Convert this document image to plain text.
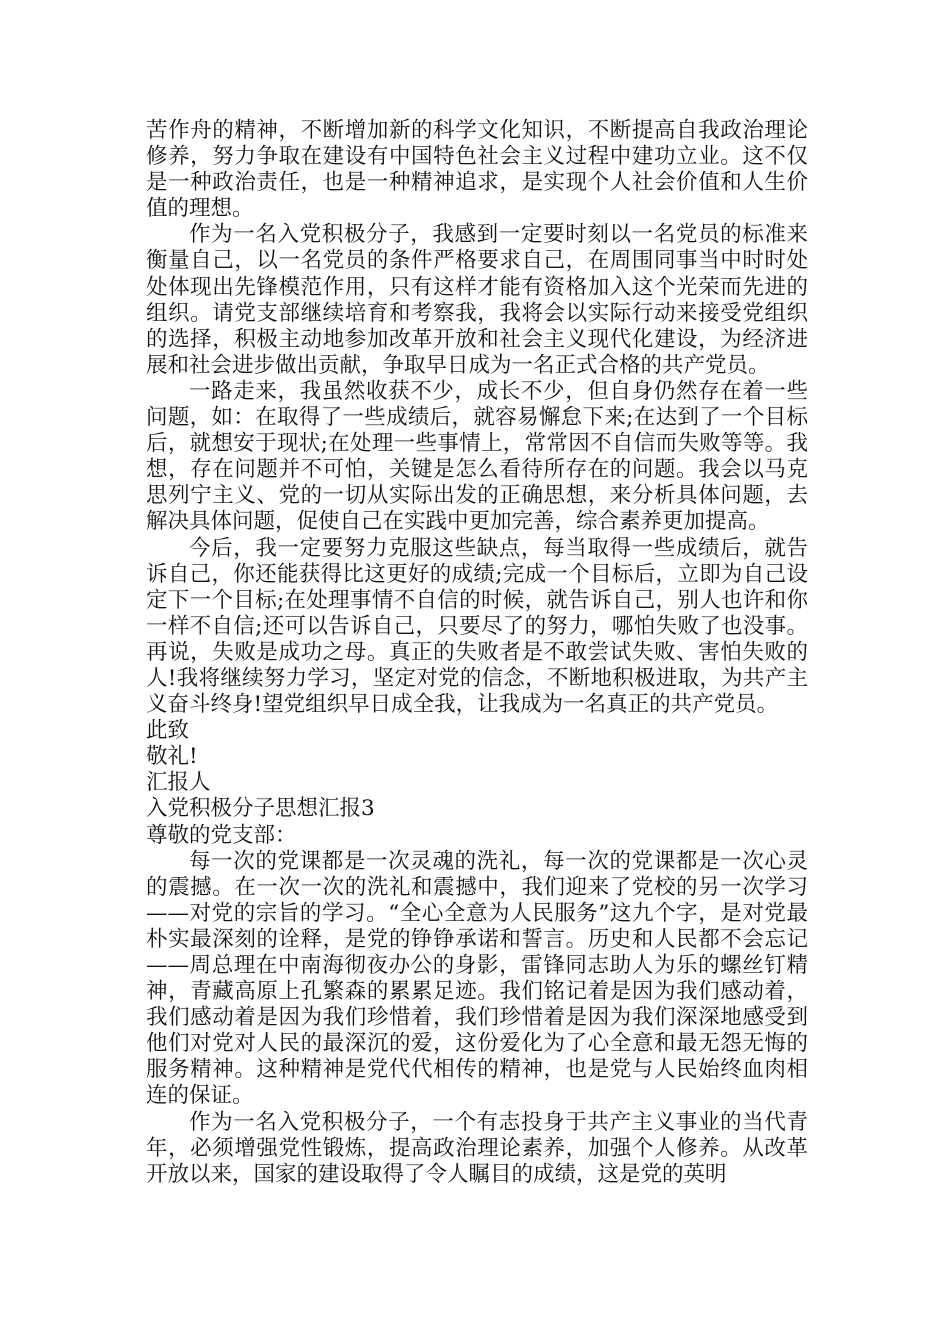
苦作舟的精神，不断增加新的科学文化知识，不断提高自我政治理论修养，努力争取在建设有中国特色社会主义过程中建功立业。这不仅是一种政治责任，也是一种精神追求，是实现个人社会价值和人生价值的理想。

作为一名入党积极分子，我感到一定要时刻以一名党员的标准来衡量自己，以一名党员的条件严格要求自己，在周围同事当中时时处处体现出先锋模范作用，只有这样才能有资格加入这个光荣而先进的组织。请党支部继续培育和考察我，我将会以实际行动来接受党组织的选择，积极主动地参加改革开放和社会主义现代化建设，为经济进展和社会进步做出贡献，争取早日成为一名正式合格的共产党员。

一路走来，我虽然收获不少，成长不少，但自身仍然存在着一些问题，如：在取得了一些成绩后，就容易懈怠下来;在达到了一个目标后，就想安于现状;在处理一些事情上，常常因不自信而失败等等。我想，存在问题并不可怕，关键是怎么看待所存在的问题。我会以马克思列宁主义、党的一切从实际出发的正确思想，来分析具体问题，去解决具体问题，促使自己在实践中更加完善，综合素养更加提高。

今后，我一定要努力克服这些缺点，每当取得一些成绩后，就告诉自己，你还能获得比这更好的成绩;完成一个目标后，立即为自己设定下一个目标;在处理事情不自信的时候，就告诉自己，别人也许和你一样不自信;还可以告诉自己，只要尽了的努力，哪怕失败了也没事。再说，失败是成功之母。真正的失败者是不敢尝试失败、害怕失败的人!我将继续努力学习，坚定对党的信念，不断地积极进取，为共产主义奋斗终身!望党组织早日成全我，让我成为一名真正的共产党员。

此致

敬礼!

汇报人

入党积极分子思想汇报3

尊敬的党支部：

每一次的党课都是一次灵魂的洗礼，每一次的党课都是一次心灵的震撼。在一次一次的洗礼和震撼中，我们迎来了党校的另一次学习——对党的宗旨的学习。“全心全意为人民服务”这九个字，是对党最朴实最深刻的诠释，是党的铮铮承诺和誓言。历史和人民都不会忘记——周总理在中南海彻夜办公的身影，雷锋同志助人为乐的螺丝钉精神，青藏高原上孔繁森的累累足迹。我们铭记着是因为我们感动着，我们感动着是因为我们珍惜着，我们珍惜着是因为我们深深地感受到他们对党对人民的最深沉的爱，这份爱化为了心全意和最无怨无悔的服务精神。这种精神是党代代相传的精神，也是党与人民始终血肉相连的保证。

作为一名入党积极分子，一个有志投身于共产主义事业的当代青年，必须增强党性锻炼，提高政治理论素养，加强个人修养。从改革开放以来，国家的建设取得了令人瞩目的成绩，这是党的英明
